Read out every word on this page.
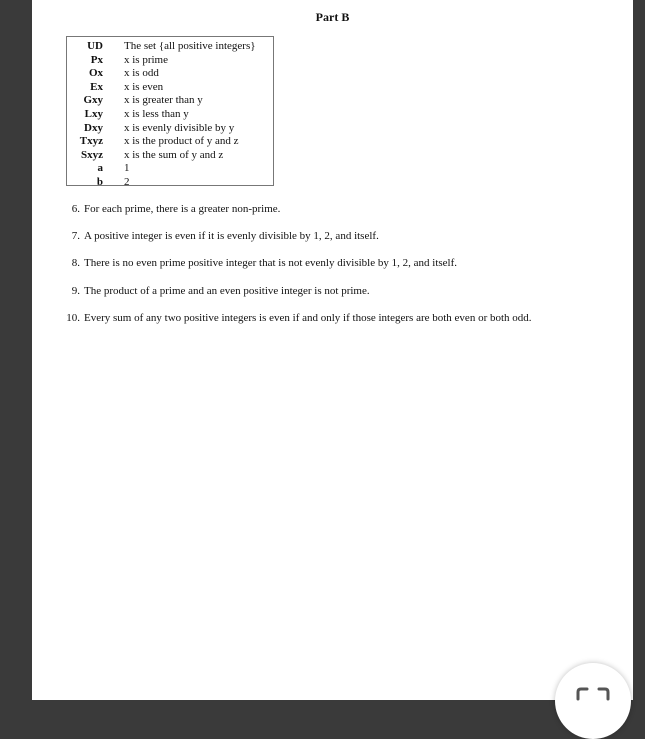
Part B
UD	The set {all positive integers}
Px	x is prime
Ox	x is odd
Ex	x is even
Gxy	x is greater than y
Lxy	x is less than y
Dxy	x is evenly divisible by y
Txyz	x is the product of y and z
Sxyz	x is the sum of y and z
a	1
b	2
6. For each prime, there is a greater non-prime.
7. A positive integer is even if it is evenly divisible by 1, 2, and itself.
8. There is no even prime positive integer that is not evenly divisible by 1, 2, and itself.
9. The product of a prime and an even positive integer is not prime.
10. Every sum of any two positive integers is even if and only if those integers are both even or both odd.
